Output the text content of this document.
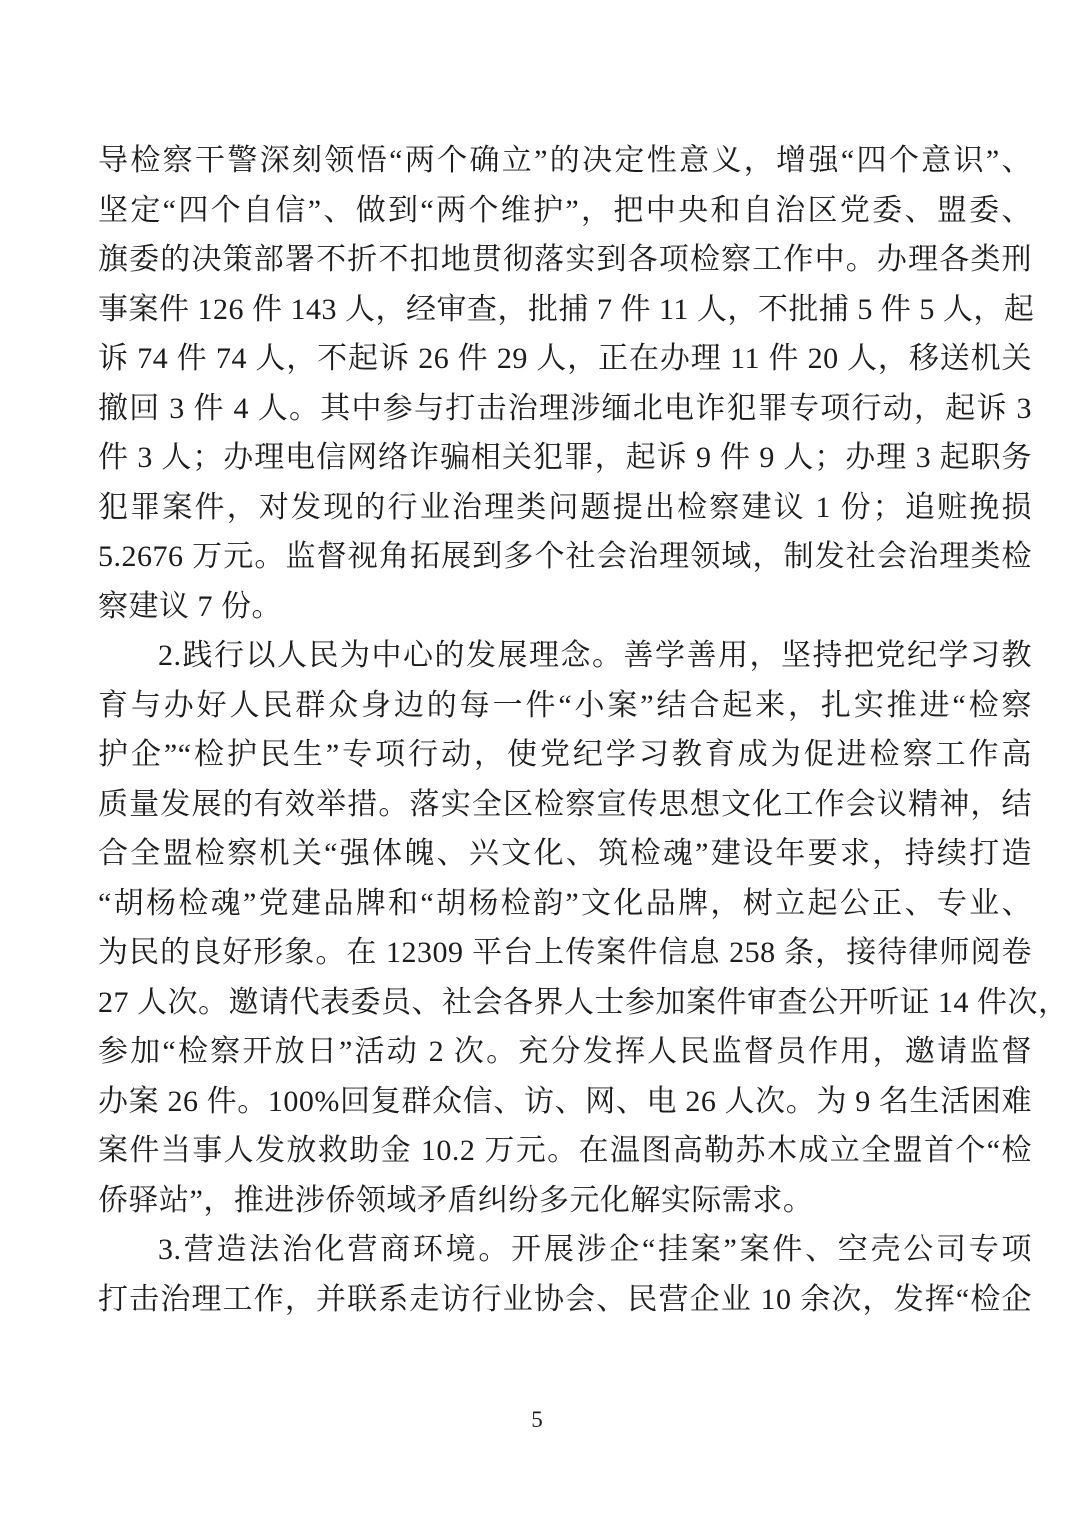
导检察干警深刻领悟“两个确立”的决定性意义，增强“四个意识”、
坚定“四个自信”、做到“两个维护”，把中央和自治区党委、盟委、
旗委的决策部署不折不扣地贯彻落实到各项检察工作中。办理各类刑
事案件 126 件 143 人，经审查，批捕 7 件 11 人，不批捕 5 件 5 人，起
诉 74 件 74 人，不起诉 26 件 29 人，正在办理 11 件 20 人，移送机关
撤回 3 件 4 人。其中参与打击治理涉缅北电诈犯罪专项行动，起诉 3
件 3 人；办理电信网络诈骗相关犯罪，起诉 9 件 9 人；办理 3 起职务
犯罪案件，对发现的行业治理类问题提出检察建议 1 份；追赃挽损
5.2676 万元。监督视角拓展到多个社会治理领域，制发社会治理类检
察建议 7 份。
2.践行以人民为中心的发展理念。善学善用，坚持把党纪学习教
育与办好人民群众身边的每一件“小案”结合起来，扎实推进“检察
护企”“检护民生”专项行动，使党纪学习教育成为促进检察工作高
质量发展的有效举措。落实全区检察宣传思想文化工作会议精神，结
合全盟检察机关“强体魄、兴文化、筑检魂”建设年要求，持续打造
“胡杨检魂”党建品牌和“胡杨检韵”文化品牌，树立起公正、专业、
为民的良好形象。在 12309 平台上传案件信息 258 条，接待律师阅卷
27 人次。邀请代表委员、社会各界人士参加案件审查公开听证 14 件次，
参加“检察开放日”活动 2 次。充分发挥人民监督员作用，邀请监督
办案 26 件。100%回复群众信、访、网、电 26 人次。为 9 名生活困难
案件当事人发放救助金 10.2 万元。在温图高勒苏木成立全盟首个“检
侨驿站”，推进涉侨领域矛盾纠纷多元化解实际需求。
3.营造法治化营商环境。开展涉企“挂案”案件、空壳公司专项
打击治理工作，并联系走访行业协会、民营企业 10 余次，发挥“检企
5
